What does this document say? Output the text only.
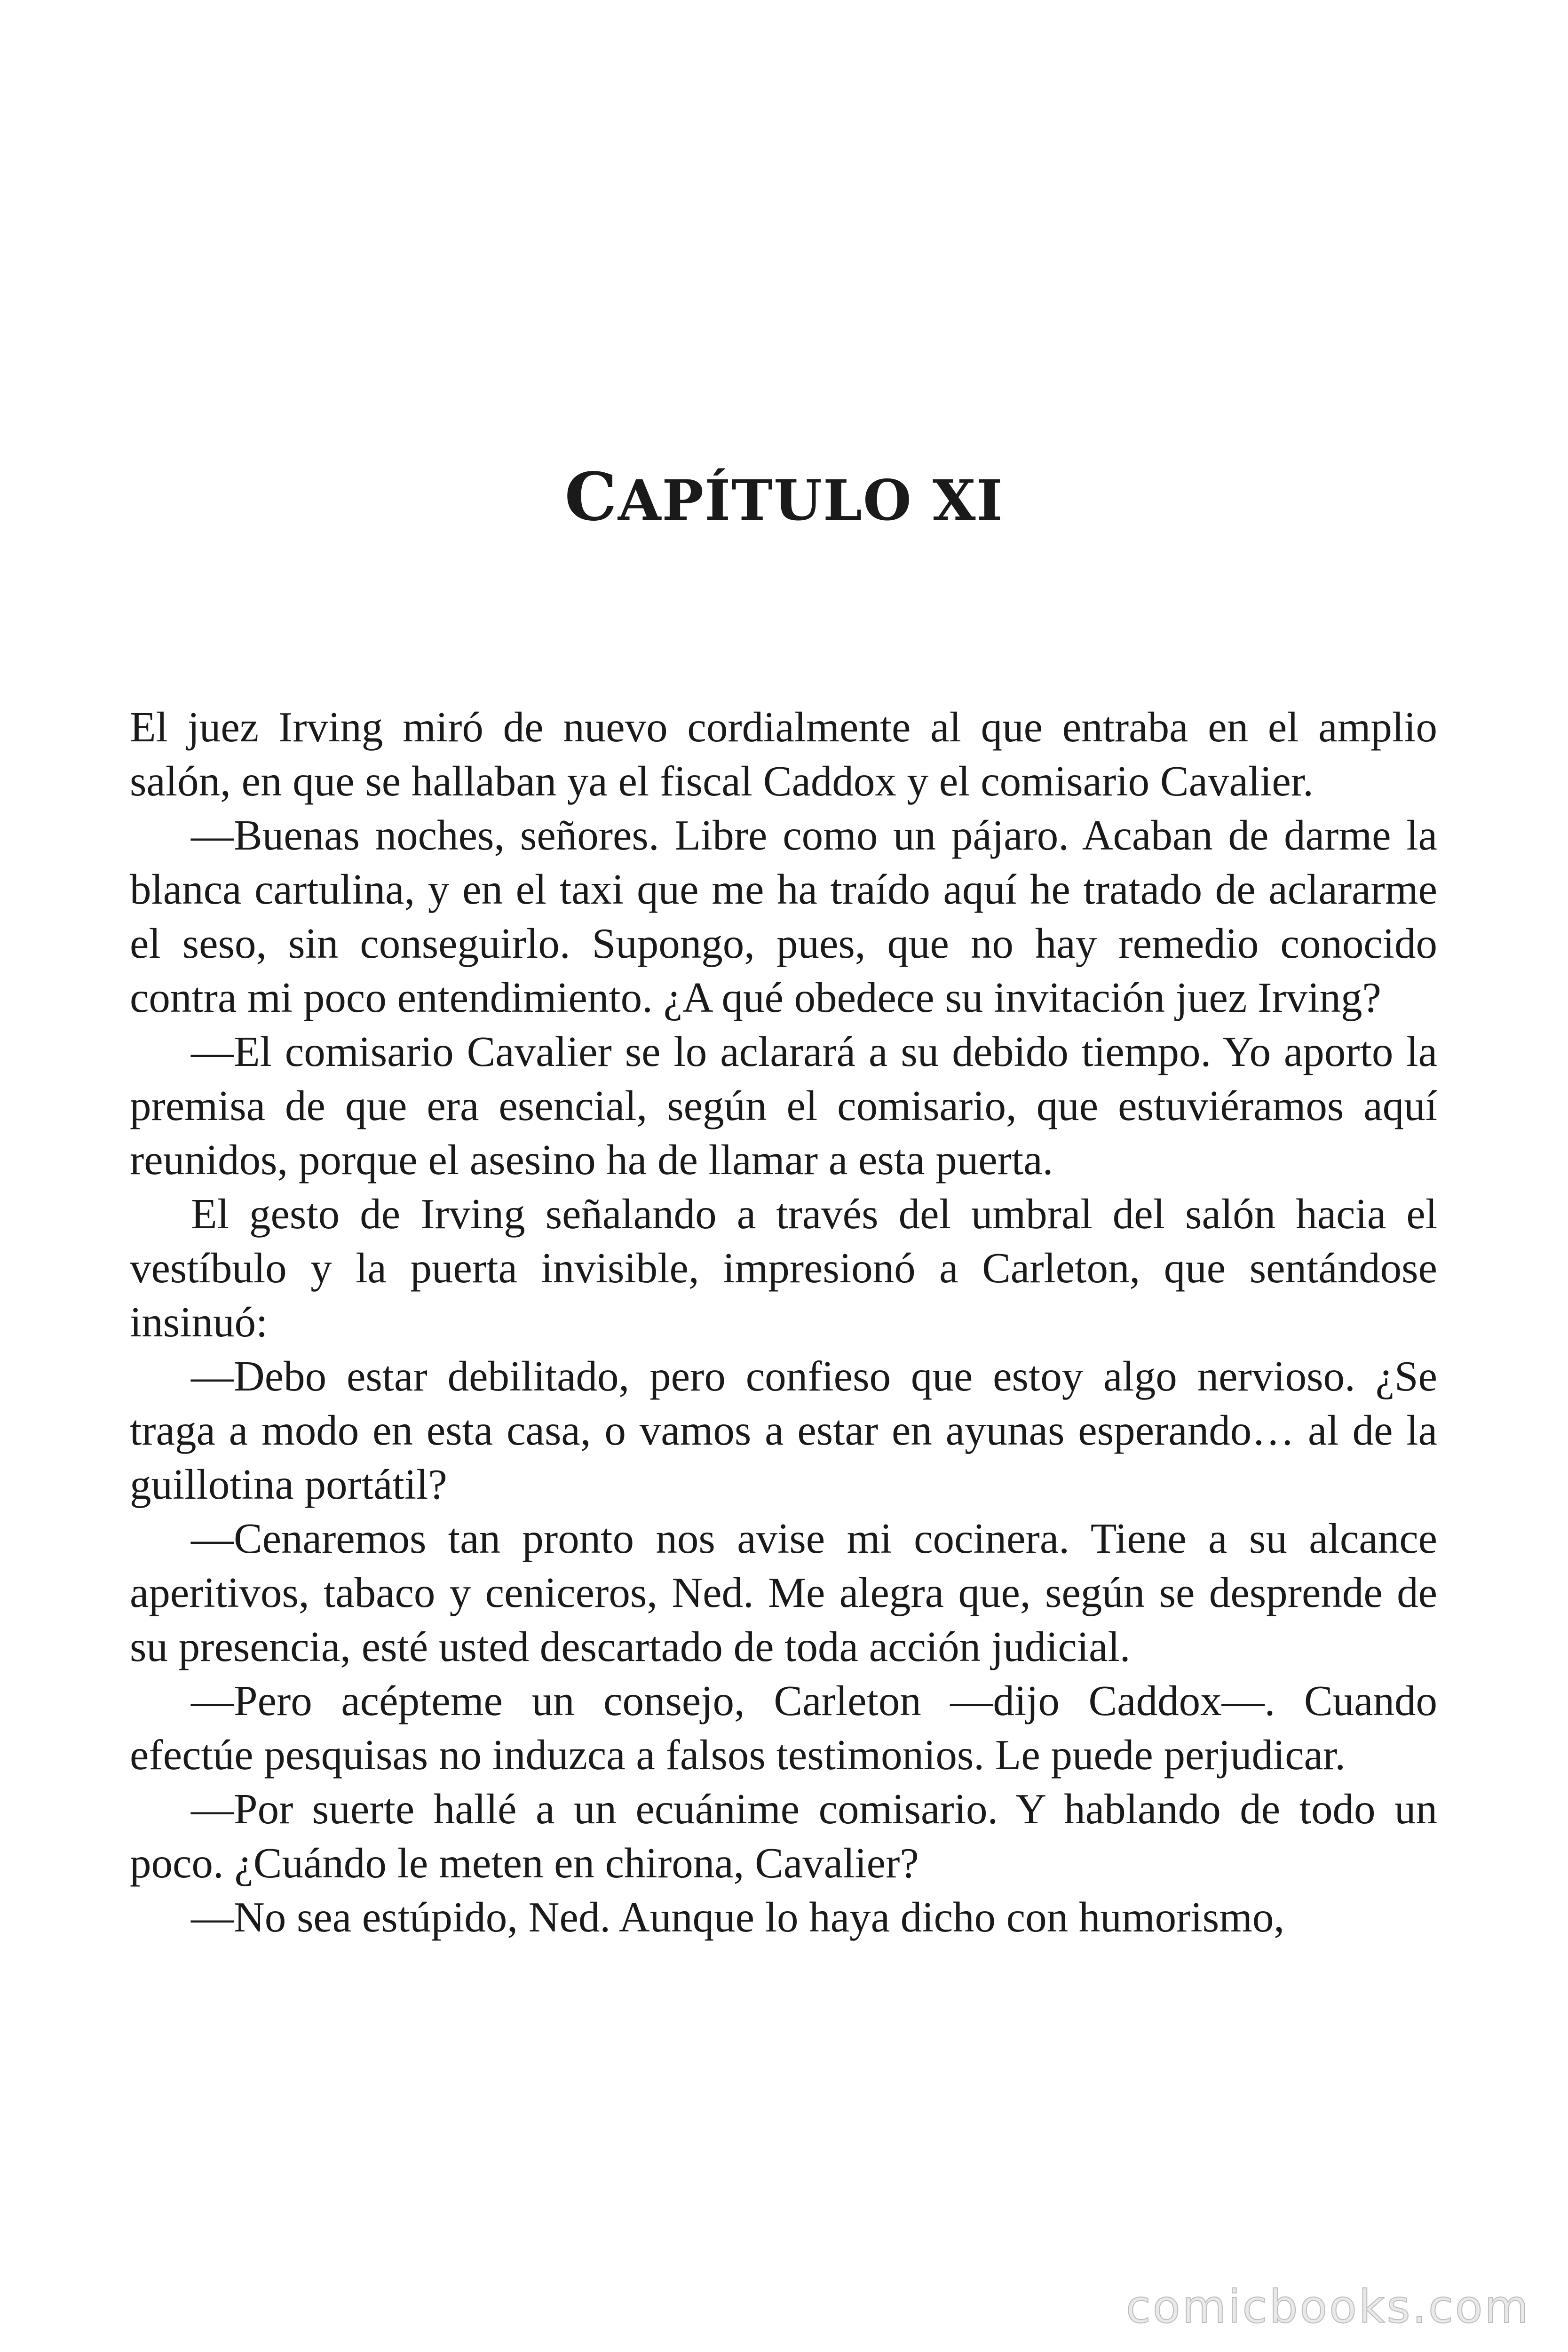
CAPÍTULO XI

El juez Irving miró de nuevo cordialmente al que entraba en el amplio salón, en que se hallaban ya el fiscal Caddox y el comisario Cavalier.

—Buenas noches, señores. Libre como un pájaro. Acaban de darme la blanca cartulina, y en el taxi que me ha traído aquí he tratado de aclararme el seso, sin conseguirlo. Supongo, pues, que no hay remedio conocido contra mi poco entendimiento. ¿A qué obedece su invitación juez Irving?

—El comisario Cavalier se lo aclarará a su debido tiempo. Yo aporto la premisa de que era esencial, según el comisario, que estuviéramos aquí reunidos, porque el asesino ha de llamar a esta puerta.

El gesto de Irving señalando a través del umbral del salón hacia el vestíbulo y la puerta invisible, impresionó a Carleton, que sentándose insinuó:

—Debo estar debilitado, pero confieso que estoy algo nervioso. ¿Se traga a modo en esta casa, o vamos a estar en ayunas esperando… al de la guillotina portátil?

—Cenaremos tan pronto nos avise mi cocinera. Tiene a su alcance aperitivos, tabaco y ceniceros, Ned. Me alegra que, según se desprende de su presencia, esté usted descartado de toda acción judicial.

—Pero acépteme un consejo, Carleton —dijo Caddox—. Cuando efectúe pesquisas no induzca a falsos testimonios. Le puede perjudicar.

—Por suerte hallé a un ecuánime comisario. Y hablando de todo un poco. ¿Cuándo le meten en chirona, Cavalier?

—No sea estúpido, Ned. Aunque lo haya dicho con humorismo,

comicbooks.com
